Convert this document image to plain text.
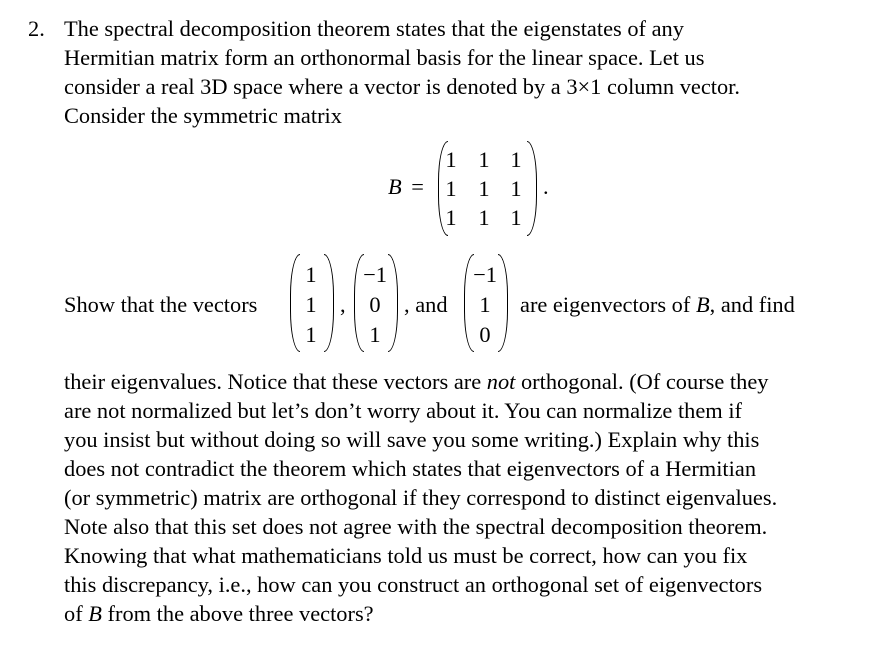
2. The spectral decomposition theorem states that the eigenstates of any
Hermitian matrix form an orthonormal basis for the linear space. Let us
consider a real 3D space where a vector is denoted by a 3×1 column vector.
Consider the symmetric matrix
B =
1 1 1
1 1 1
1 1 1
.
Show that the vectors
1
1
1
,
−1
0
1
, and
−1
1
0
are eigenvectors of B, and find
their eigenvalues. Notice that these vectors are not orthogonal. (Of course they
are not normalized but let’s don’t worry about it. You can normalize them if
you insist but without doing so will save you some writing.) Explain why this
does not contradict the theorem which states that eigenvectors of a Hermitian
(or symmetric) matrix are orthogonal if they correspond to distinct eigenvalues.
Note also that this set does not agree with the spectral decomposition theorem.
Knowing that what mathematicians told us must be correct, how can you fix
this discrepancy, i.e., how can you construct an orthogonal set of eigenvectors
of B from the above three vectors?
